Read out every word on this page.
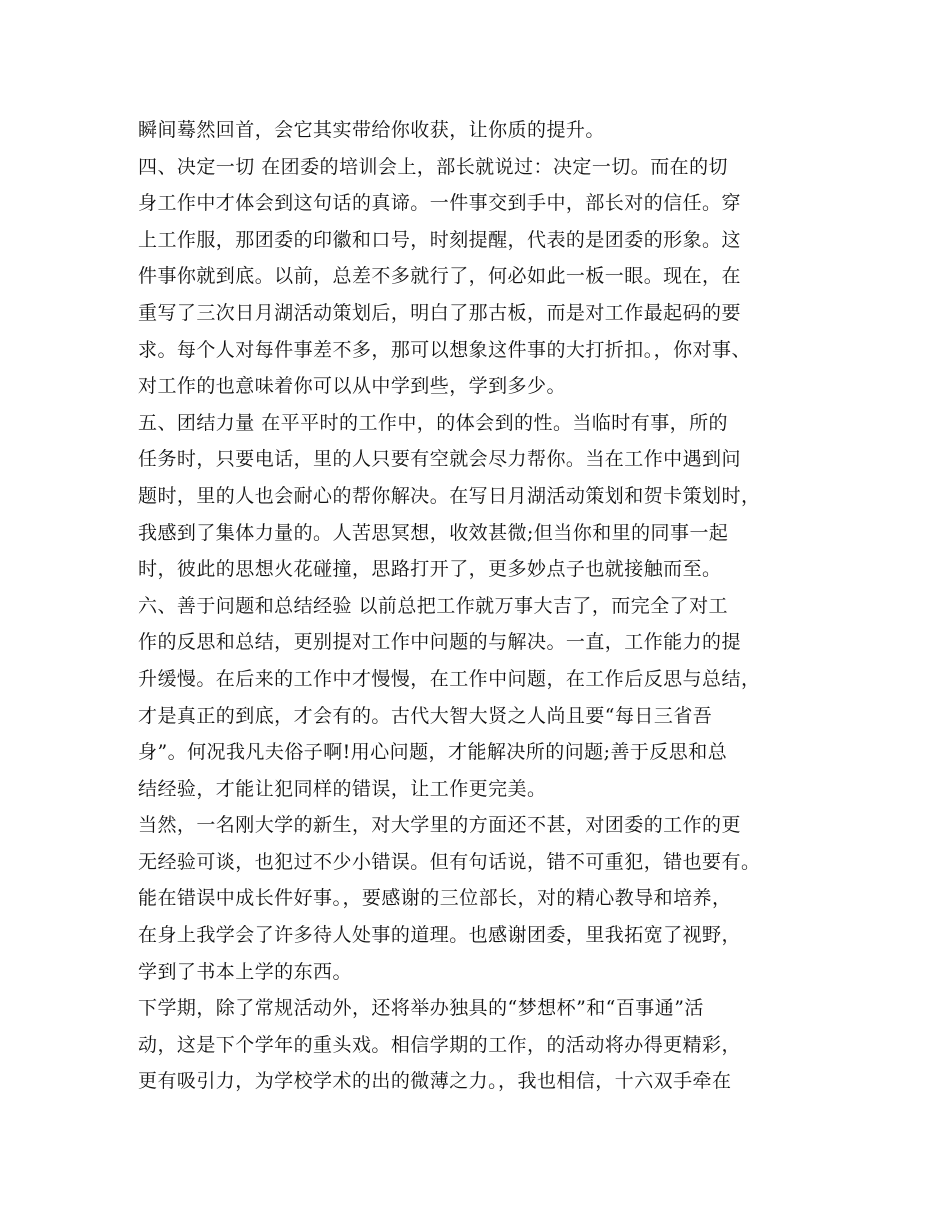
瞬间蓦然回首，会它其实带给你收获，让你质的提升。
四、决定一切 在团委的培训会上，部长就说过：决定一切。而在的切
身工作中才体会到这句话的真谛。一件事交到手中，部长对的信任。穿
上工作服，那团委的印徽和口号，时刻提醒，代表的是团委的形象。这
件事你就到底。以前，总差不多就行了，何必如此一板一眼。现在，在
重写了三次日月湖活动策划后，明白了那古板，而是对工作最起码的要
求。每个人对每件事差不多，那可以想象这件事的大打折扣。，你对事、
对工作的也意味着你可以从中学到些，学到多少。
五、团结力量 在平平时的工作中，的体会到的性。当临时有事，所的
任务时，只要电话，里的人只要有空就会尽力帮你。当在工作中遇到问
题时，里的人也会耐心的帮你解决。在写日月湖活动策划和贺卡策划时，
我感到了集体力量的。人苦思冥想，收效甚微;但当你和里的同事一起
时，彼此的思想火花碰撞，思路打开了，更多妙点子也就接触而至。
六、善于问题和总结经验 以前总把工作就万事大吉了，而完全了对工
作的反思和总结，更别提对工作中问题的与解决。一直，工作能力的提
升缓慢。在后来的工作中才慢慢，在工作中问题，在工作后反思与总结，
才是真正的到底，才会有的。古代大智大贤之人尚且要“每日三省吾
身”。何况我凡夫俗子啊!用心问题，才能解决所的问题;善于反思和总
结经验，才能让犯同样的错误，让工作更完美。
当然，一名刚大学的新生，对大学里的方面还不甚，对团委的工作的更
无经验可谈，也犯过不少小错误。但有句话说，错不可重犯，错也要有。
能在错误中成长件好事。，要感谢的三位部长，对的精心教导和培养，
在身上我学会了许多待人处事的道理。也感谢团委，里我拓宽了视野，
学到了书本上学的东西。
下学期，除了常规活动外，还将举办独具的“梦想杯”和“百事通”活
动，这是下个学年的重头戏。相信学期的工作，的活动将办得更精彩，
更有吸引力，为学校学术的出的微薄之力。，我也相信，十六双手牵在
